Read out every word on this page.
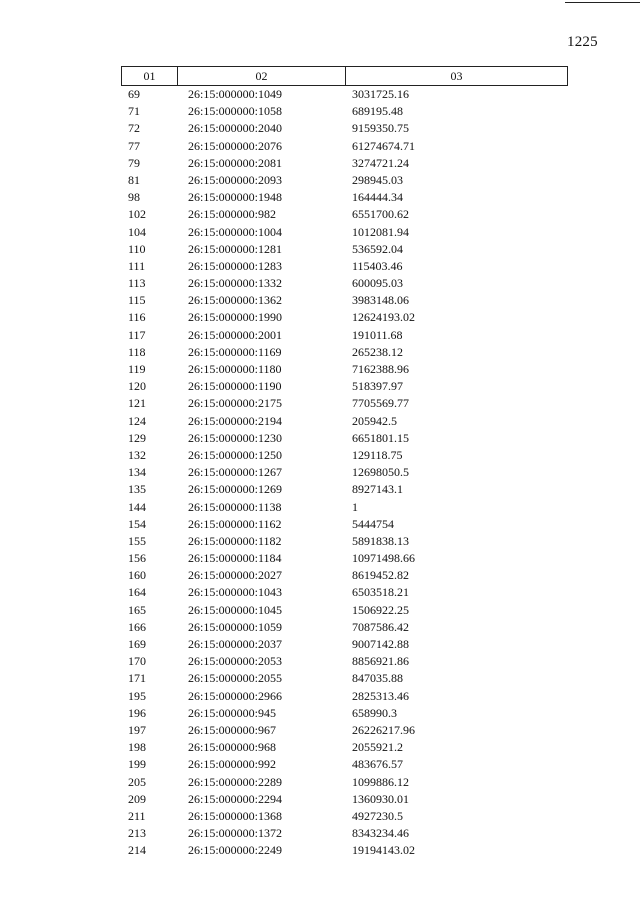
1225
01	02	03
69	26:15:000000:1049	3031725.16
71	26:15:000000:1058	689195.48
72	26:15:000000:2040	9159350.75
77	26:15:000000:2076	61274674.71
79	26:15:000000:2081	3274721.24
81	26:15:000000:2093	298945.03
98	26:15:000000:1948	164444.34
102	26:15:000000:982	6551700.62
104	26:15:000000:1004	1012081.94
110	26:15:000000:1281	536592.04
111	26:15:000000:1283	115403.46
113	26:15:000000:1332	600095.03
115	26:15:000000:1362	3983148.06
116	26:15:000000:1990	12624193.02
117	26:15:000000:2001	191011.68
118	26:15:000000:1169	265238.12
119	26:15:000000:1180	7162388.96
120	26:15:000000:1190	518397.97
121	26:15:000000:2175	7705569.77
124	26:15:000000:2194	205942.5
129	26:15:000000:1230	6651801.15
132	26:15:000000:1250	129118.75
134	26:15:000000:1267	12698050.5
135	26:15:000000:1269	8927143.1
144	26:15:000000:1138	1
154	26:15:000000:1162	5444754
155	26:15:000000:1182	5891838.13
156	26:15:000000:1184	10971498.66
160	26:15:000000:2027	8619452.82
164	26:15:000000:1043	6503518.21
165	26:15:000000:1045	1506922.25
166	26:15:000000:1059	7087586.42
169	26:15:000000:2037	9007142.88
170	26:15:000000:2053	8856921.86
171	26:15:000000:2055	847035.88
195	26:15:000000:2966	2825313.46
196	26:15:000000:945	658990.3
197	26:15:000000:967	26226217.96
198	26:15:000000:968	2055921.2
199	26:15:000000:992	483676.57
205	26:15:000000:2289	1099886.12
209	26:15:000000:2294	1360930.01
211	26:15:000000:1368	4927230.5
213	26:15:000000:1372	8343234.46
214	26:15:000000:2249	19194143.02
